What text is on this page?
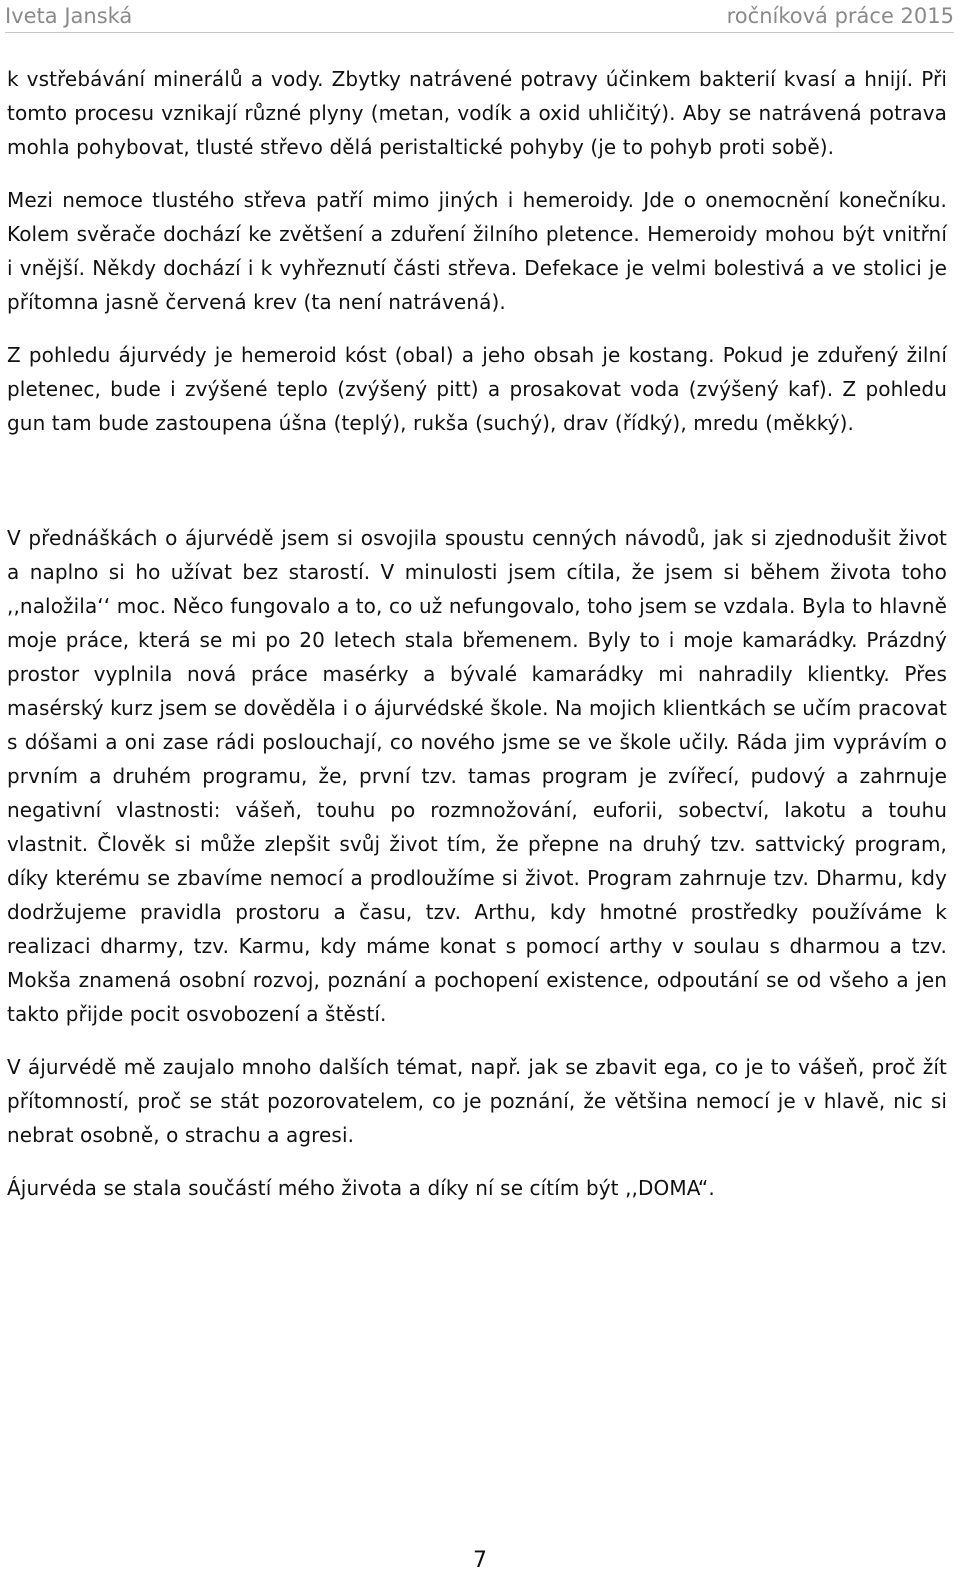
Iveta Janská	ročníková práce 2015

k vstřebávání minerálů a vody. Zbytky natrávené potravy účinkem bakterií kvasí a hnijí. Při tomto procesu vznikají různé plyny (metan, vodík a oxid uhličitý). Aby se natrávená potrava mohla pohybovat, tlusté střevo dělá peristaltické pohyby (je to pohyb proti sobě).

Mezi nemoce tlustého střeva patří mimo jiných i hemeroidy. Jde o onemocnění konečníku. Kolem svěrače dochází ke zvětšení a zduření žilního pletence. Hemeroidy mohou být vnitřní i vnější. Někdy dochází i k vyhřeznutí části střeva. Defekace je velmi bolestivá a ve stolici je přítomna jasně červená krev (ta není natrávená).

Z pohledu ájurvédy je hemeroid kóst (obal) a jeho obsah je kostang. Pokud je zduřený žilní pletenec, bude i zvýšené teplo (zvýšený pitt) a prosakovat voda (zvýšený kaf). Z pohledu gun tam bude zastoupena úšna (teplý), rukša (suchý), drav (řídký), mredu (měkký).

V přednáškách o ájurvédě jsem si osvojila spoustu cenných návodů, jak si zjednodušit život a naplno si ho užívat bez starostí. V minulosti jsem cítila, že jsem si během života toho ,,naložila‘‘ moc. Něco fungovalo a to, co už nefungovalo, toho jsem se vzdala. Byla to hlavně moje práce, která se mi po 20 letech stala břemenem. Byly to i moje kamarádky. Prázdný prostor vyplnila nová práce masérky a bývalé kamarádky mi nahradily klientky. Přes masérský kurz jsem se dověděla i o ájurvédské škole. Na mojich klientkách se učím pracovat s dóšami a oni zase rádi poslouchají, co nového jsme se ve škole učily. Ráda jim vyprávím o prvním a druhém programu, že, první tzv. tamas program je zvířecí, pudový a zahrnuje negativní vlastnosti: vášeň, touhu po rozmnožování, euforii, sobectví, lakotu a touhu vlastnit. Člověk si může zlepšit svůj život tím, že přepne na druhý tzv. sattvický program, díky kterému se zbavíme nemocí a prodloužíme si život. Program zahrnuje tzv. Dharmu, kdy dodržujeme pravidla prostoru a času, tzv. Arthu, kdy hmotné prostředky používáme k realizaci dharmy, tzv. Karmu, kdy máme konat s pomocí arthy v soulau s dharmou a tzv. Mokša znamená osobní rozvoj, poznání a pochopení existence, odpoutání se od všeho a jen takto přijde pocit osvobození a štěstí.

V ájurvédě mě zaujalo mnoho dalších témat, např. jak se zbavit ega, co je to vášeň, proč žít přítomností, proč se stát pozorovatelem, co je poznání, že většina nemocí je v hlavě, nic si nebrat osobně, o strachu a agresi.

Ájurvéda se stala součástí mého života a díky ní se cítím být ,,DOMA“.

7
